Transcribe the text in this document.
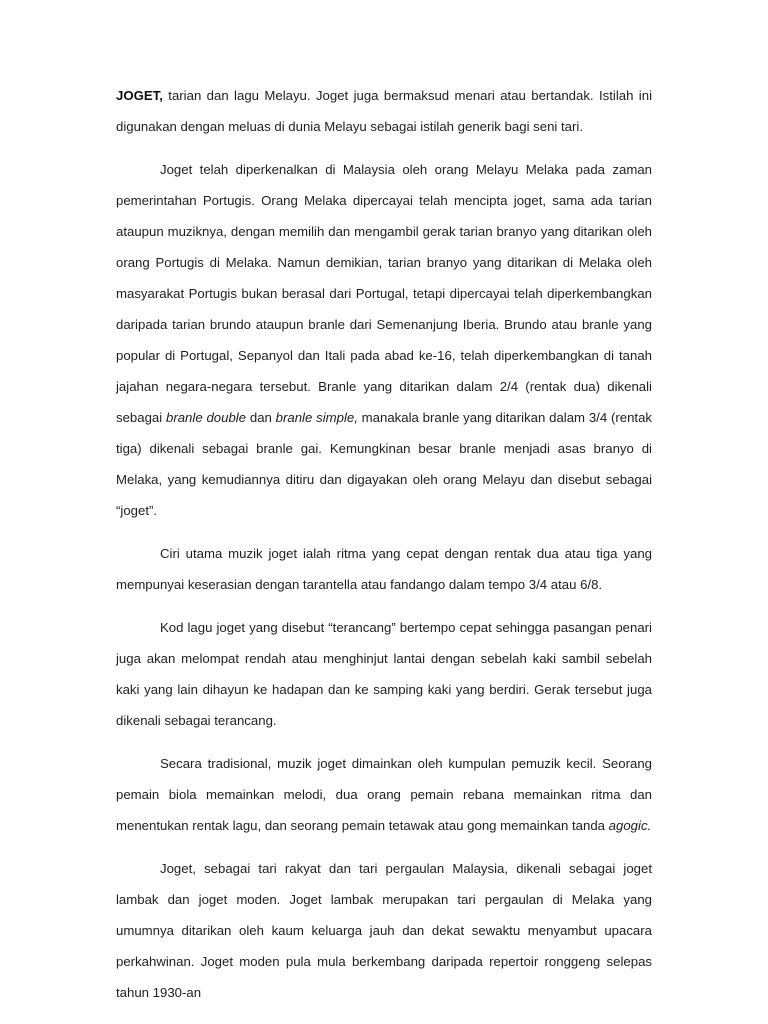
JOGET, tarian dan lagu Melayu. Joget juga bermaksud menari atau bertandak. Istilah ini digunakan dengan meluas di dunia Melayu sebagai istilah generik bagi seni tari.

Joget telah diperkenalkan di Malaysia oleh orang Melayu Melaka pada zaman pemerintahan Portugis. Orang Melaka dipercayai telah mencipta joget, sama ada tarian ataupun muziknya, dengan memilih dan mengambil gerak tarian branyo yang ditarikan oleh orang Portugis di Melaka. Namun demikian, tarian branyo yang ditarikan di Melaka oleh masyarakat Portugis bukan berasal dari Portugal, tetapi dipercayai telah diperkembangkan daripada tarian brundo ataupun branle dari Semenanjung Iberia. Brundo atau branle yang popular di Portugal, Sepanyol dan Itali pada abad ke-16, telah diperkembangkan di tanah jajahan negara-negara tersebut. Branle yang ditarikan dalam 2/4 (rentak dua) dikenali sebagai branle double dan branle simple, manakala branle yang ditarikan dalam 3/4 (rentak tiga) dikenali sebagai branle gai. Kemungkinan besar branle menjadi asas branyo di Melaka, yang kemudiannya ditiru dan digayakan oleh orang Melayu dan disebut sebagai “joget”.

Ciri utama muzik joget ialah ritma yang cepat dengan rentak dua atau tiga yang mempunyai keserasian dengan tarantella atau fandango dalam tempo 3/4 atau 6/8.

Kod lagu joget yang disebut “terancang” bertempo cepat sehingga pasangan penari juga akan melompat rendah atau menghinjut lantai dengan sebelah kaki sambil sebelah kaki yang lain dihayun ke hadapan dan ke samping kaki yang berdiri. Gerak tersebut juga dikenali sebagai terancang.

Secara tradisional, muzik joget dimainkan oleh kumpulan pemuzik kecil. Seorang pemain biola memainkan melodi, dua orang pemain rebana memainkan ritma dan menentukan rentak lagu, dan seorang pemain tetawak atau gong memainkan tanda agogic.

Joget, sebagai tari rakyat dan tari pergaulan Malaysia, dikenali sebagai joget lambak dan joget moden. Joget lambak merupakan tari pergaulan di Melaka yang umumnya ditarikan oleh kaum keluarga jauh dan dekat sewaktu menyambut upacara perkahwinan. Joget moden pula mula berkembang daripada repertoir ronggeng selepas tahun 1930-an
